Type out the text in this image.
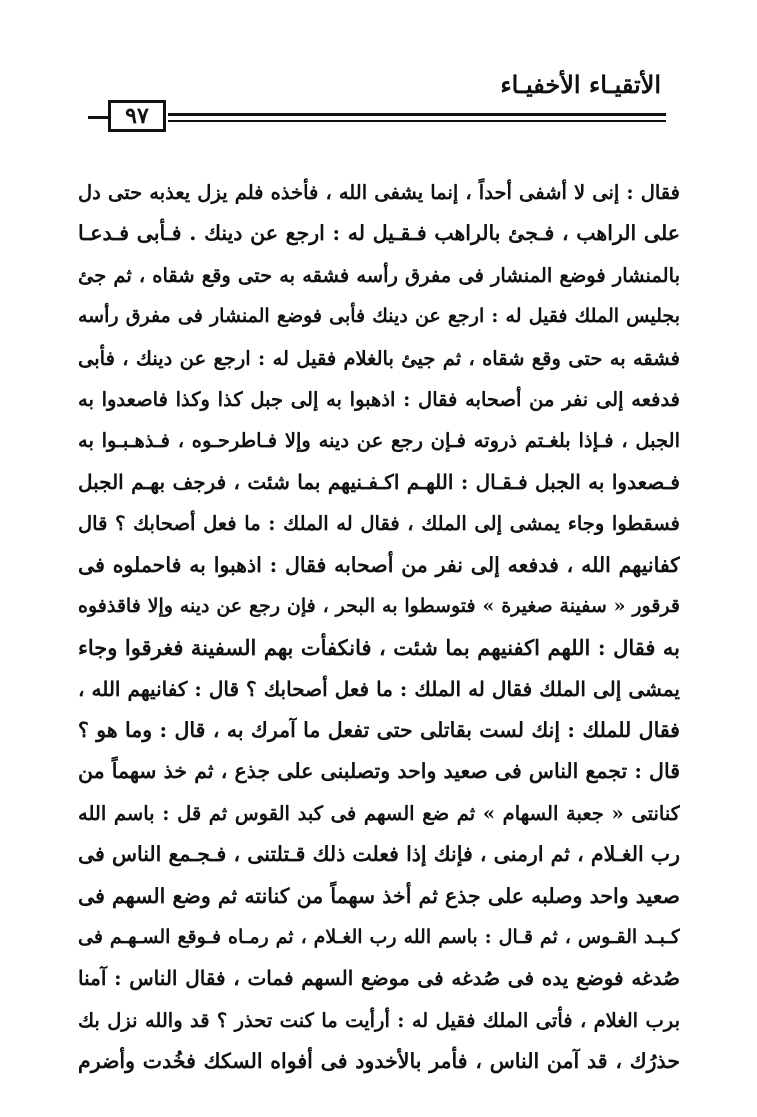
الأتقيـاء الأخفيـاء
٩٧
فقال : إنى لا أشفى أحداً ، إنما يشفى الله ، فأخذه فلم يزل يعذبه حتى دل
على الراهب ، فـجئ بالراهب فـقـيل له : ارجع عن دينك . فـأبى فـدعـا
بالمنشار فوضع المنشار فى مفرق رأسه فشقه به حتى وقع شقاه ، ثم جئ
بجليس الملك فقيل له : ارجع عن دينك فأبى فوضع المنشار فى مفرق رأسه
فشقه به حتى وقع شقاه ، ثم جيئ بالغلام فقيل له : ارجع عن دينك ، فأبى
فدفعه إلى نفر من أصحابه فقال : اذهبوا به إلى جبل كذا وكذا فاصعدوا به
الجبل ، فـإذا بلغـتم ذروته فـإن رجع عن دينه وإلا فـاطرحـوه ، فـذهـبـوا به
فـصعدوا به الجبل فـقـال : اللهـم اكـفـنيهم بما شئت ، فرجف بهـم الجبل
فسقطوا وجاء يمشى إلى الملك ، فقال له الملك : ما فعل أصحابك ؟ قال
كفانيهم الله ، فدفعه إلى نفر من أصحابه فقال : اذهبوا به فاحملوه فى
قرقور « سفينة صغيرة » فتوسطوا به البحر ، فإن رجع عن دينه وإلا فاقذفوه
به فقال : اللهم اكفنيهم بما شئت ، فانكفأت بهم السفينة فغرقوا وجاء
يمشى إلى الملك فقال له الملك : ما فعل أصحابك ؟ قال : كفانيهم الله ،
فقال للملك : إنك لست بقاتلى حتى تفعل ما آمرك به ، قال : وما هو ؟
قال : تجمع الناس فى صعيد واحد وتصلبنى على جذع ، ثم خذ سهماً من
كنانتى « جعبة السهام » ثم ضع السهم فى كبد القوس ثم قل : باسم الله
رب الغـلام ، ثم ارمنى ، فإنك إذا فعلت ذلك قـتلتنى ، فـجـمع الناس فى
صعيد واحد وصلبه على جذع ثم أخذ سهماً من كنانته ثم وضع السهم فى
كـبـد القـوس ، ثم قـال : باسم الله رب الغـلام ، ثم رمـاه فـوقع السـهـم فى
صُدغه فوضع يده فى صُدغه فى موضع السهم فمات ، فقال الناس : آمنا
برب الغلام ، فأتى الملك فقيل له : أرأيت ما كنت تحذر ؟ قد والله نزل بك
حذرُك ، قد آمن الناس ، فأمر بالأخدود فى أفواه السكك فخُدت وأضرم
